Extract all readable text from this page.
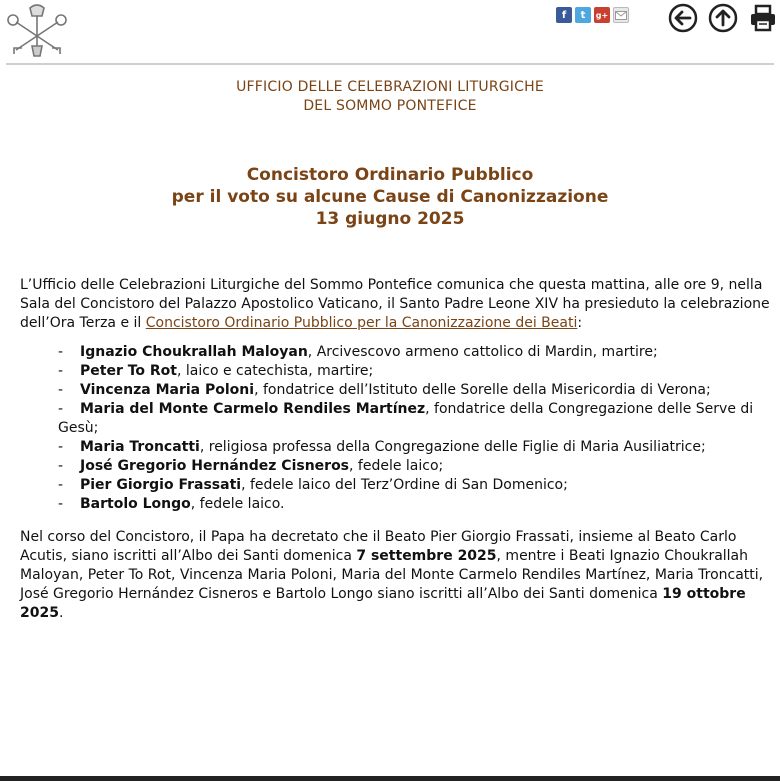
f	t	g+
UFFICIO DELLE CELEBRAZIONI LITURGICHE
DEL SOMMO PONTEFICE
Concistoro Ordinario Pubblico
per il voto su alcune Cause di Canonizzazione
13 giugno 2025

L’Ufficio delle Celebrazioni Liturgiche del Sommo Pontefice comunica che questa mattina, alle ore 9, nella Sala del Concistoro del Palazzo Apostolico Vaticano, il Santo Padre Leone XIV ha presieduto la celebrazione dell’Ora Terza e il Concistoro Ordinario Pubblico per la Canonizzazione dei Beati:

- Ignazio Choukrallah Maloyan, Arcivescovo armeno cattolico di Mardin, martire;

- Peter To Rot, laico e catechista, martire;

- Vincenza Maria Poloni, fondatrice dell’Istituto delle Sorelle della Misericordia di Verona;

- Maria del Monte Carmelo Rendiles Martínez, fondatrice della Congregazione delle Serve di Gesù;

- Maria Troncatti, religiosa professa della Congregazione delle Figlie di Maria Ausiliatrice;

- José Gregorio Hernández Cisneros, fedele laico;

- Pier Giorgio Frassati, fedele laico del Terz’Ordine di San Domenico;

- Bartolo Longo, fedele laico.

Nel corso del Concistoro, il Papa ha decretato che il Beato Pier Giorgio Frassati, insieme al Beato Carlo Acutis, siano iscritti all’Albo dei Santi domenica 7 settembre 2025, mentre i Beati Ignazio Choukrallah Maloyan, Peter To Rot, Vincenza Maria Poloni, Maria del Monte Carmelo Rendiles Martínez, Maria Troncatti, José Gregorio Hernández Cisneros e Bartolo Longo siano iscritti all’Albo dei Santi domenica 19 ottobre 2025.
